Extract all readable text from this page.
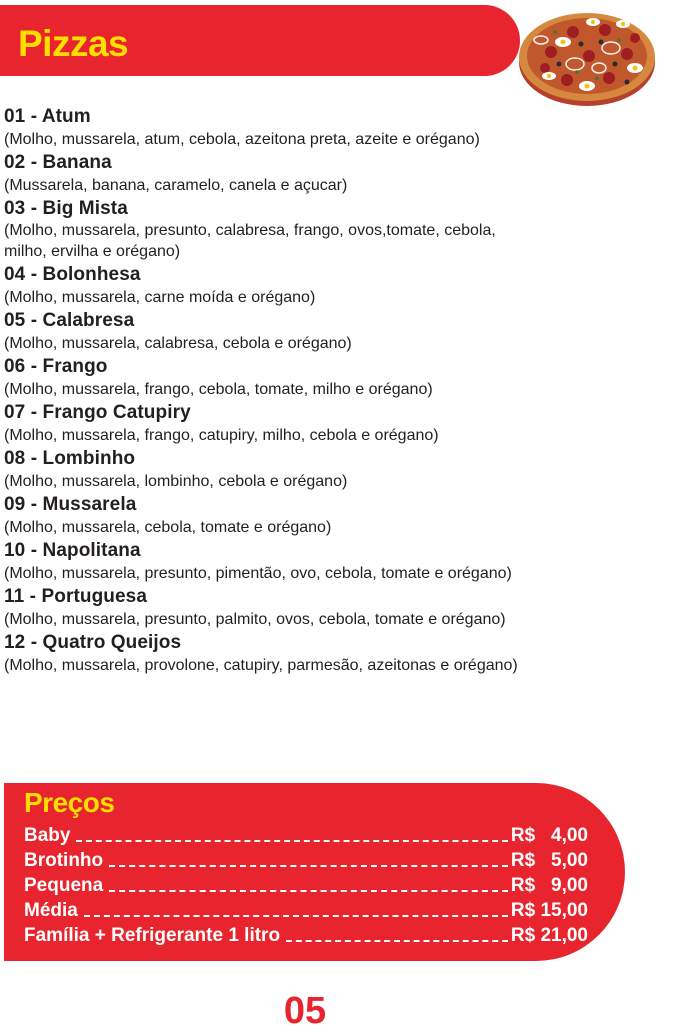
Pizzas

01 - Atum

(Molho, mussarela, atum, cebola, azeitona preta, azeite e orégano)

02 - Banana

(Mussarela, banana, caramelo, canela e açucar)

03 - Big Mista

(Molho, mussarela, presunto, calabresa, frango, ovos,tomate, cebola, milho, ervilha e orégano)

04 - Bolonhesa

(Molho, mussarela, carne moída e orégano)

05 - Calabresa

(Molho, mussarela, calabresa, cebola e orégano)

06 - Frango

(Molho, mussarela, frango, cebola, tomate, milho e orégano)

07 - Frango Catupiry

(Molho, mussarela, frango, catupiry, milho, cebola e orégano)

08 - Lombinho

(Molho, mussarela, lombinho, cebola e orégano)

09 - Mussarela

(Molho, mussarela, cebola, tomate e orégano)

10 - Napolitana

(Molho, mussarela, presunto, pimentão, ovo, cebola, tomate e orégano)

11 - Portuguesa

(Molho, mussarela, presunto, palmito, ovos, cebola, tomate e orégano)

12 - Quatro Queijos

(Molho, mussarela, provolone, catupiry, parmesão, azeitonas e orégano)

Preços
Baby	R$   4,00
Brotinho	R$   5,00
Pequena	R$   9,00
Média	R$ 15,00
Família + Refrigerante 1 litro	R$ 21,00
05
